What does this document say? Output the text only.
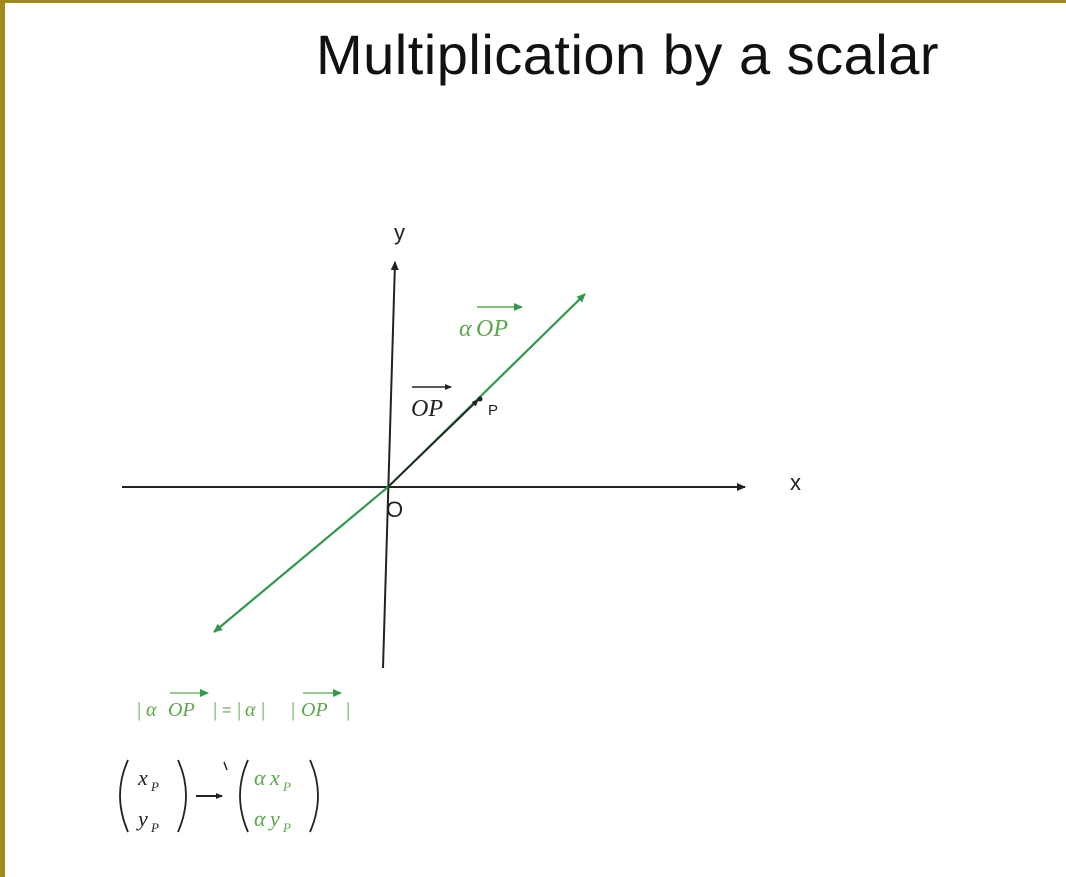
Multiplication by a scalar
x
y
O
P
OP
α OP
| α OP | = | α | | OP |
x P
y P
α x P
α y P
